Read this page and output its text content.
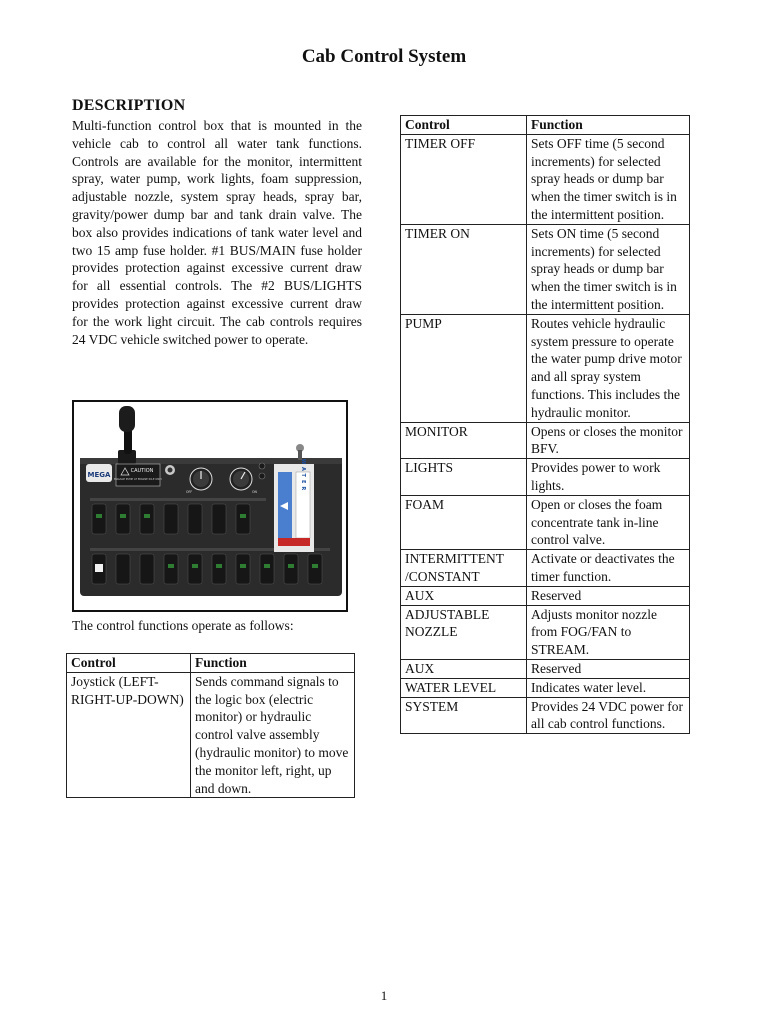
Cab Control System
DESCRIPTION

Multi-function control box that is mounted in the vehicle cab to control all water tank functions. Controls are available for the monitor, intermittent spray, water pump, work lights, foam suppression, adjustable nozzle, system spray heads, spray bar, gravity/power dump bar and tank drain valve. The box also provides indications of tank water level and two 15 amp fuse holder. #1 BUS/MAIN fuse holder provides protection against excessive current draw for all essential controls. The #2 BUS/LIGHTS provides protection against excessive current draw for the work light circuit. The cab controls requires 24 VDC vehicle switched power to operate.

MEGA	CAUTION
ENGAGE PUMP AT ENGINE IDLE ONLY
OFF	ON	WATER
The control functions operate as follows:
Control	Function
Joystick (LEFT-RIGHT-UP-DOWN)	Sends command signals to the logic box (electric monitor) or hydraulic control valve assembly (hydraulic monitor) to move the monitor left, right, up and down.
Control	Function
TIMER OFF	Sets OFF time (5 second increments) for selected spray heads or dump bar when the timer switch is in the intermittent position.
TIMER ON	Sets ON time (5 second increments) for selected spray heads or dump bar when the timer switch is in the intermittent position.
PUMP	Routes vehicle hydraulic system pressure to operate the water pump drive motor and all spray system functions. This includes the hydraulic monitor.
MONITOR	Opens or closes the monitor BFV.
LIGHTS	Provides power to work lights.
FOAM	Open or closes the foam concentrate tank in-line control valve.
INTERMITTENT /CONSTANT	Activate or deactivates the timer function.
AUX	Reserved
ADJUSTABLE NOZZLE	Adjusts monitor nozzle from FOG/FAN to STREAM.
AUX	Reserved
WATER LEVEL	Indicates water level.
SYSTEM	Provides 24 VDC power for all cab control functions.
1
